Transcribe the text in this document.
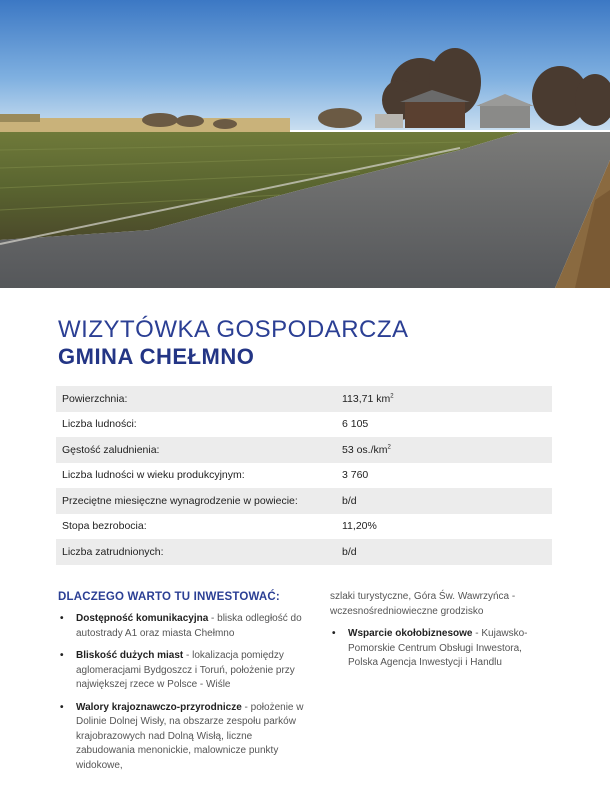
WIZYTÓWKA GOSPODARCZA
GMINA CHEŁMNO
Powierzchnia:	113,71 $km^2$
Liczba ludności:	6 105
Gęstość zaludnienia:	53 $os./km^2$
Liczba ludności w wieku produkcyjnym:	3 760
Przeciętne miesięczne wynagrodzenie w powiecie:	b/d
Stopa bezrobocia:	11,20%
Liczba zatrudnionych:	b/d
DLACZEGO WARTO TU INWESTOWAĆ:
• Dostępność komunikacyjna - bliska odległość do autostrady A1 oraz miasta Chełmno
• Bliskość dużych miast - lokalizacja pomiędzy aglomeracjami Bydgoszcz i Toruń, położenie przy największej rzece w Polsce - Wiśle
• Walory krajoznawczo-przyrodnicze - położenie w Dolinie Dolnej Wisły, na obszarze zespołu parków krajobrazowych nad Dolną Wisłą, liczne zabudowania menonickie, malownicze punkty widokowe,

szlaki turystyczne, Góra Św. Wawrzyńca - wczesnośredniowieczne grodzisko

• Wsparcie okołobiznesowe - Kujawsko-Pomorskie Centrum Obsługi Inwestora, Polska Agencja Inwestycji i Handlu
